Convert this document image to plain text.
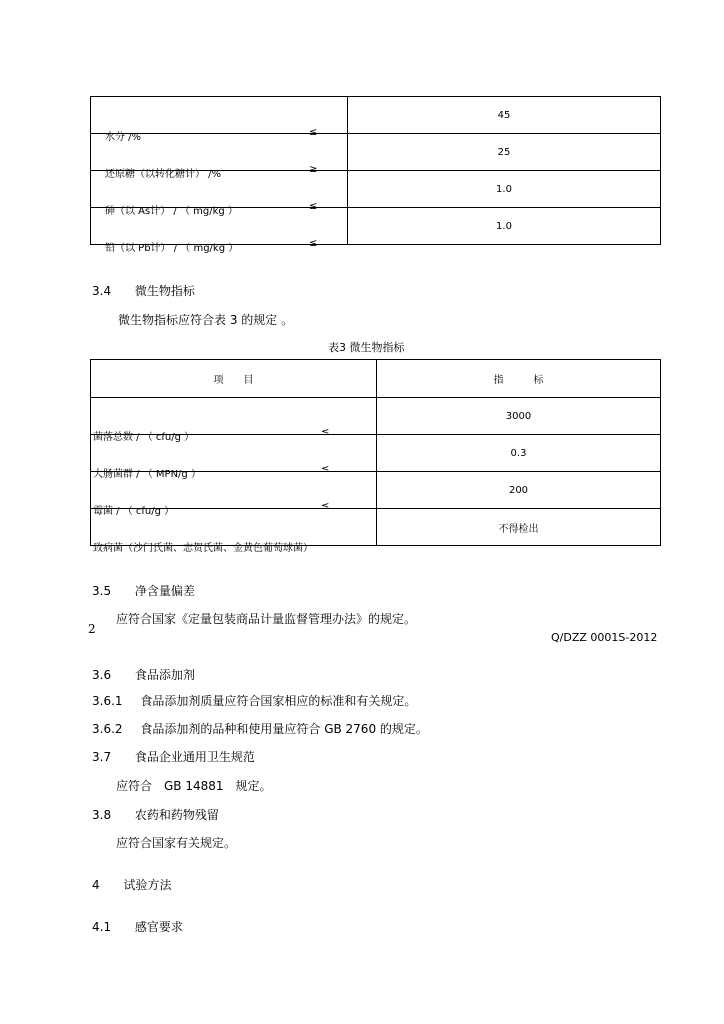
水分 /% ≤	45

还原糖（以转化糖计） /% ≥	25

砷（以 As计） / （ mg/kg ） ≤	1.0

铅（以 Pb计） / （ mg/kg ） ≤	1.0
3.4 微生物指标
微生物指标应符合表 3 的规定 。
表3 微生物指标
项　　目	指　　　标

菌落总数 / （ cfu/g ） ≤	3000

大肠菌群 / （ MPN/g ） ≤	0.3

霉菌 / （ cfu/g ） ≤	200

致病菌（沙门氏菌、志贺氏菌、金黄色葡萄球菌）	不得检出
3.5 净含量偏差
应符合国家《定量包装商品计量监督管理办法》的规定。
2
Q/DZZ 0001S-2012
3.6 食品添加剂
3.6.1 食品添加剂质量应符合国家相应的标准和有关规定。
3.6.2 食品添加剂的品种和使用量应符合 GB 2760 的规定。
3.7 食品企业通用卫生规范
应符合　GB 14881　规定。
3.8 农药和药物残留
应符合国家有关规定。
4 试验方法
4.1 感官要求
